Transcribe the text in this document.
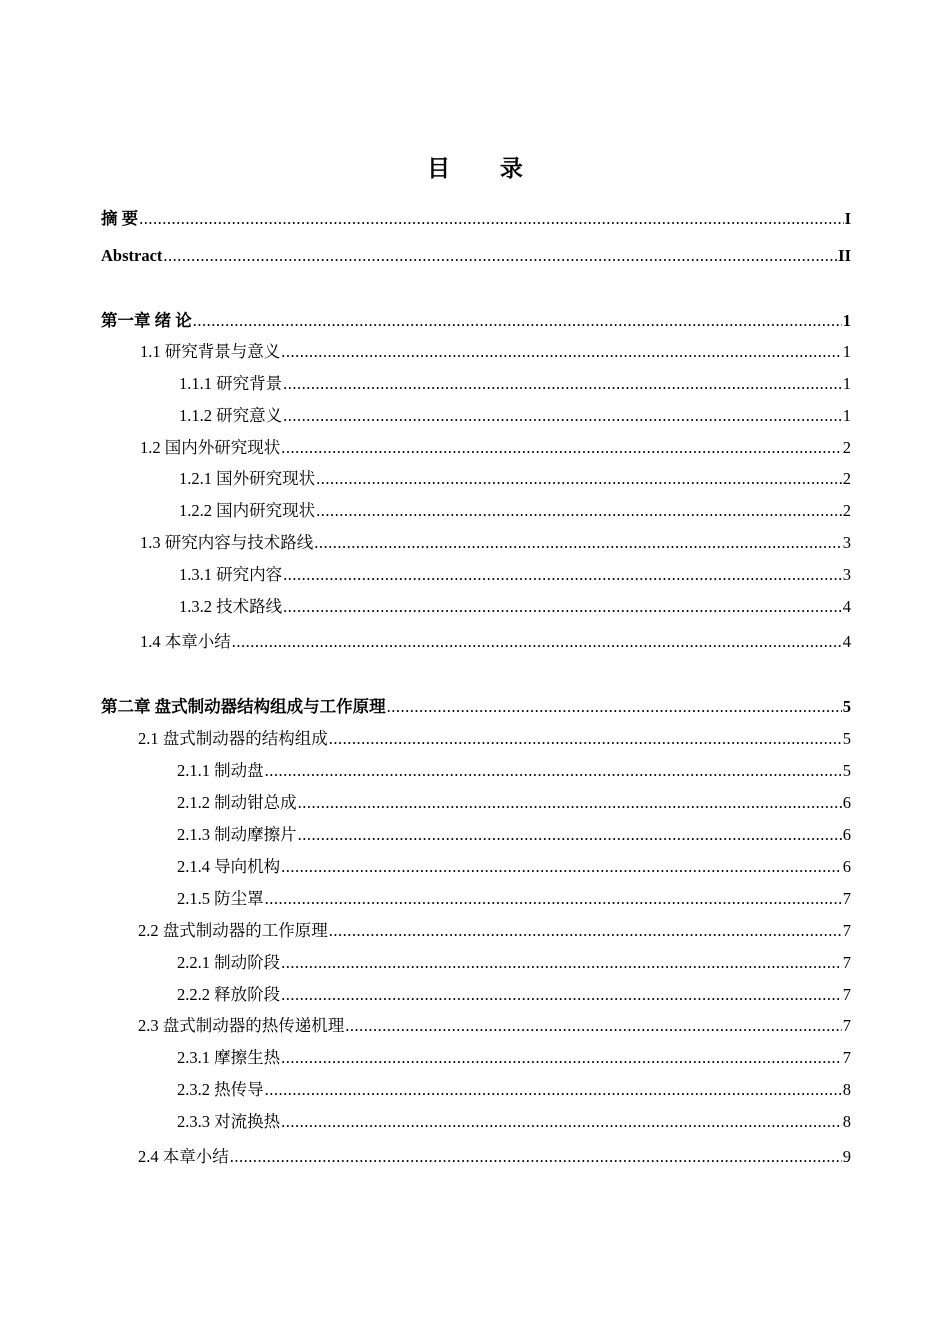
目 录
摘 要 .....	I
Abstract .....	II
第一章 绪 论 .....	1
1.1 研究背景与意义 .....	1
1.1.1 研究背景 .....	1
1.1.2 研究意义 .....	1
1.2 国内外研究现状 .....	2
1.2.1 国外研究现状 .....	2
1.2.2 国内研究现状 .....	2
1.3 研究内容与技术路线 .....	3
1.3.1 研究内容 .....	3
1.3.2 技术路线 .....	4
1.4 本章小结 .....	4
第二章 盘式制动器结构组成与工作原理 .....	5
2.1 盘式制动器的结构组成 .....	5
2.1.1 制动盘 .....	5
2.1.2 制动钳总成 .....	6
2.1.3 制动摩擦片 .....	6
2.1.4 导向机构 .....	6
2.1.5 防尘罩 .....	7
2.2 盘式制动器的工作原理 .....	7
2.2.1 制动阶段 .....	7
2.2.2 释放阶段 .....	7
2.3 盘式制动器的热传递机理 .....	7
2.3.1 摩擦生热 .....	7
2.3.2 热传导 .....	8
2.3.3 对流换热 .....	8
2.4 本章小结 .....	9
